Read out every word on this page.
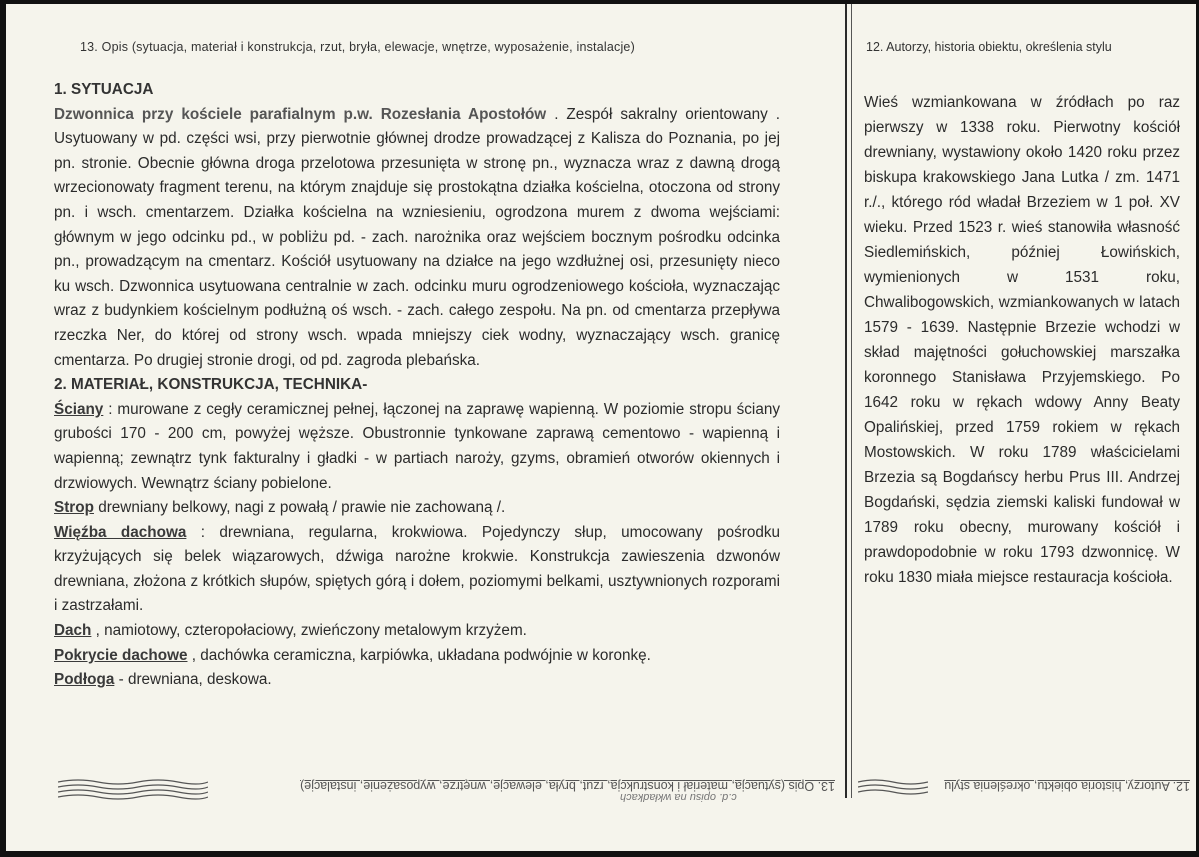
13. Opis (sytuacja, materiał i konstrukcja, rzut, bryła, elewacje, wnętrze, wyposażenie, instalacje)	12. Autorzy, historia obiektu, określenia stylu

1. SYTUACJA

Dzwonnica przy kościele parafialnym p.w. Rozesłania Apostołów . Zespół sakralny orientowany . Usytuowany w pd. części wsi, przy pierwotnie głównej drodze prowadzącej z Kalisza do Poznania, po jej pn. stronie. Obecnie główna droga przelotowa przesunięta w stronę pn., wyznacza wraz z dawną drogą wrzecionowaty fragment terenu, na którym znajduje się prostokątna działka kościelna, otoczona od strony pn. i wsch. cmentarzem. Działka kościelna na wzniesieniu, ogrodzona murem z dwoma wejściami: głównym w jego odcinku pd., w pobliżu pd. - zach. narożnika oraz wejściem bocznym pośrodku odcinka pn., prowadzącym na cmentarz. Kościół usytuowany na działce na jego wzdłużnej osi, przesunięty nieco ku wsch. Dzwonnica usytuowana centralnie w zach. odcinku muru ogrodzeniowego kościoła, wyznaczając wraz z budynkiem kościelnym podłużną oś wsch. - zach. całego zespołu. Na pn. od cmentarza przepływa rzeczka Ner, do której od strony wsch. wpada mniejszy ciek wodny, wyznaczający wsch. granicę cmentarza. Po drugiej stronie drogi, od pd. zagroda plebańska.

2. MATERIAŁ, KONSTRUKCJA, TECHNIKA-

Ściany : murowane z cegły ceramicznej pełnej, łączonej na zaprawę wapienną. W poziomie stropu ściany grubości 170 - 200 cm, powyżej węższe. Obustronnie tynkowane zaprawą cementowo - wapienną i wapienną; zewnątrz tynk fakturalny i gładki - w partiach naroży, gzyms, obramień otworów okiennych i drzwiowych. Wewnątrz ściany pobielone.

Strop drewniany belkowy, nagi z powałą / prawie nie zachowaną /.

Więźba dachowa : drewniana, regularna, krokwiowa. Pojedynczy słup, umocowany pośrodku krzyżujących się belek wiązarowych, dźwiga narożne krokwie. Konstrukcja zawieszenia dzwonów drewniana, złożona z krótkich słupów, spiętych górą i dołem, poziomymi belkami, usztywnionych rozporami i zastrzałami.

Dach , namiotowy, czteropołaciowy, zwieńczony metalowym krzyżem.

Pokrycie dachowe , dachówka ceramiczna, karpiówka, układana podwójnie w koronkę.

Podłoga - drewniana, deskowa.

Wieś wzmiankowana w źródłach po raz pierwszy w 1338 roku. Pierwotny kościół drewniany, wystawiony około 1420 roku przez biskupa krakowskiego Jana Lutka / zm. 1471 r./., którego ród władał Brzeziem w 1 poł. XV wieku. Przed 1523 r. wieś stanowiła własność Siedlemińskich, później Łowińskich, wymienionych w 1531 roku, Chwalibogowskich, wzmiankowanych w latach 1579 - 1639. Następnie Brzezie wchodzi w skład majętności gołuchowskiej marszałka koronnego Stanisława Przyjemskiego. Po 1642 roku w rękach wdowy Anny Beaty Opalińskiej, przed 1759 rokiem w rękach Mostowskich. W roku 1789 właścicielami Brzezia są Bogdańscy herbu Prus III. Andrzej Bogdański, sędzia ziemski kaliski fundował w 1789 roku obecny, murowany kościół i prawdopodobnie w roku 1793 dzwonnicę. W roku 1830 miała miejsce restauracja kościoła.

13. Opis (sytuacja, materiał i konstrukcja, rzut, bryła, elewacje, wnętrze, wyposażenie, instalacje)
c.d. opisu na wkładkach
12. Autorzy, historia obiektu, określenia stylu
